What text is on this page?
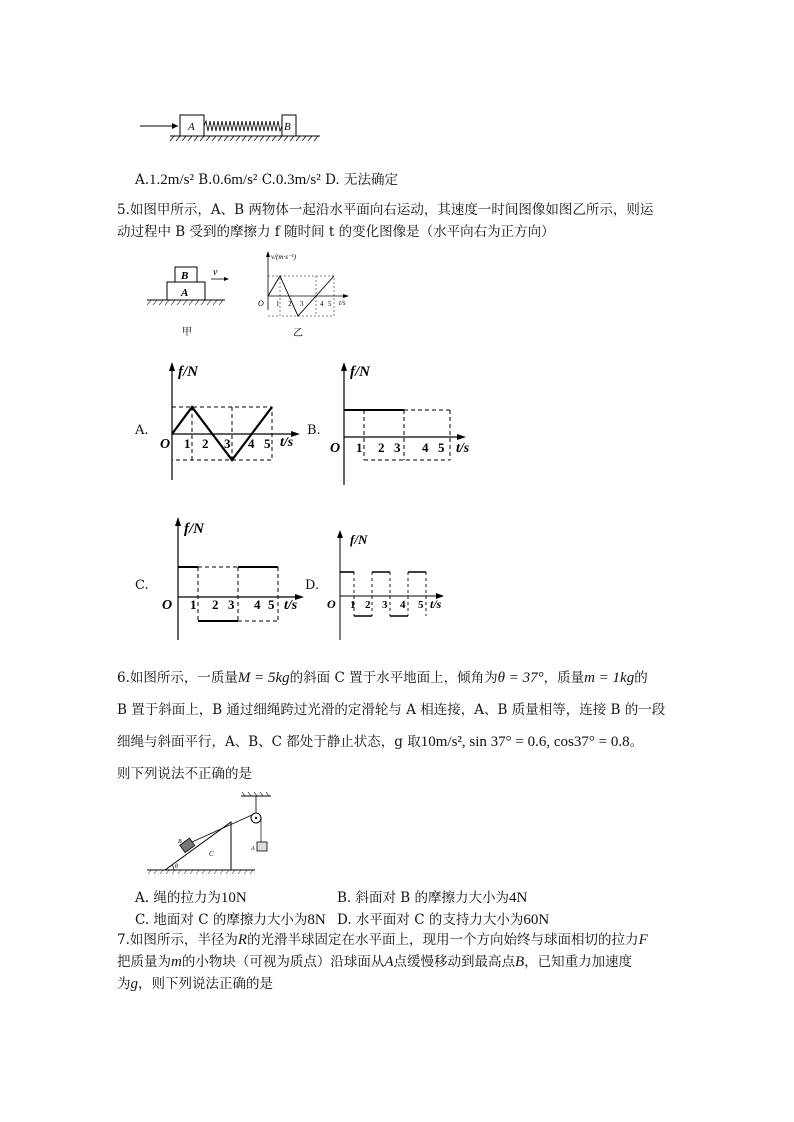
A	B
A.1.2m/s² B.0.6m/s² C.0.3m/s² D. 无法确定
5.如图甲所示，A、B 两物体一起沿水平面向右运动，其速度一时间图像如图乙所示，则运
动过程中 B 受到的摩擦力 f 随时间 t 的变化图像是（水平向右为正方向）
B
A
v
甲
v/(m·s⁻¹)
O	t/s
1 2 3 4 5
乙
A.
f/N
t/s
O 1 2 3 4 5
B.
f/N
t/s
O 1 2 3 4 5
C.
f/N
t/s
O 1 2 3 4 5
D.
f/N
t/s
O 1 2 3 4 5
6.如图所示，一质量M = 5kg的斜面 C 置于水平地面上，倾角为θ = 37°，质量m = 1kg的
B 置于斜面上，B 通过细绳跨过光滑的定滑轮与 A 相连接，A、B 质量相等，连接 B 的一段
细绳与斜面平行，A、B、C 都处于静止状态，g 取10m/s², sin 37° = 0.6, cos37° = 0.8。
则下列说法不正确的是
A
B
C
θ
A. 绳的拉力为10N	B. 斜面对 B 的摩擦力大小为4N
C. 地面对 C 的摩擦力大小为8N D. 水平面对 C 的支持力大小为60N
7.如图所示，半径为R的光滑半球固定在水平面上，现用一个方向始终与球面相切的拉力F
把质量为m的小物块（可视为质点）沿球面从A点缓慢移动到最高点B，已知重力加速度
为g，则下列说法正确的是
